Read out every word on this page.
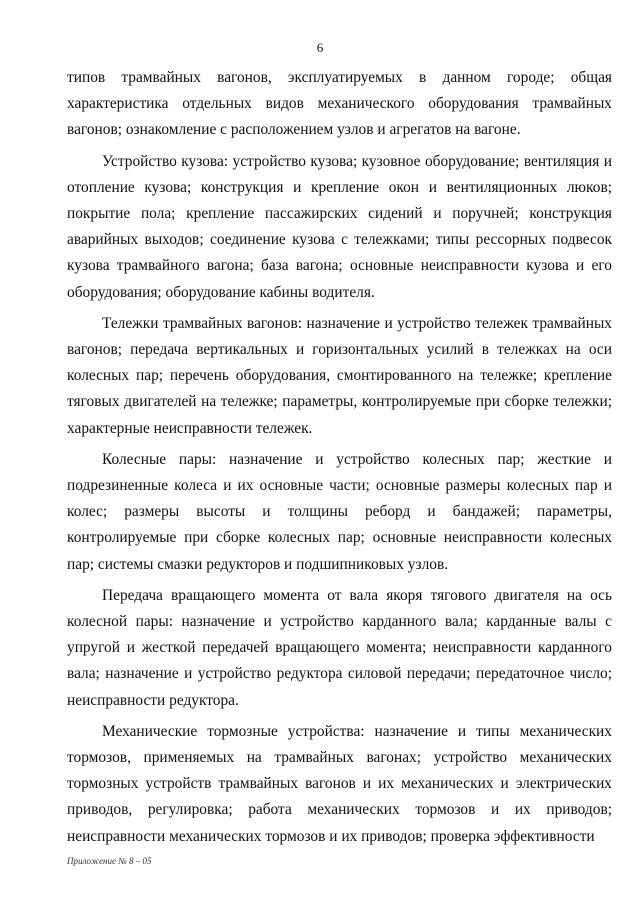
6

типов трамвайных вагонов, эксплуатируемых в данном городе; общая характеристика отдельных видов механического оборудования трамвайных вагонов; ознакомление с расположением узлов и агрегатов на вагоне.

Устройство кузова: устройство кузова; кузовное оборудование; вентиляция и отопление кузова; конструкция и крепление окон и вентиляционных люков; покрытие пола; крепление пассажирских сидений и поручней; конструкция аварийных выходов; соединение кузова с тележками; типы рессорных подвесок кузова трамвайного вагона; база вагона; основные неисправности кузова и его оборудования; оборудование кабины водителя.

Тележки трамвайных вагонов: назначение и устройство тележек трамвайных вагонов; передача вертикальных и горизонтальных усилий в тележках на оси колесных пар; перечень оборудования, смонтированного на тележке; крепление тяговых двигателей на тележке; параметры, контролируемые при сборке тележки; характерные неисправности тележек.

Колесные пары: назначение и устройство колесных пар; жесткие и подрезиненные колеса и их основные части; основные размеры колесных пар и колес; размеры высоты и толщины реборд и бандажей; параметры, контролируемые при сборке колесных пар; основные неисправности колесных пар; системы смазки редукторов и подшипниковых узлов.

Передача вращающего момента от вала якоря тягового двигателя на ось колесной пары: назначение и устройство карданного вала; карданные валы с упругой и жесткой передачей вращающего момента; неисправности карданного вала; назначение и устройство редуктора силовой передачи; передаточное число; неисправности редуктора.

Механические тормозные устройства: назначение и типы механических тормозов, применяемых на трамвайных вагонах; устройство механических тормозных устройств трамвайных вагонов и их механических и электрических приводов, регулировка; работа механических тормозов и их приводов; неисправности механических тормозов и их приводов; проверка эффективности

Приложение № 8 – 05
